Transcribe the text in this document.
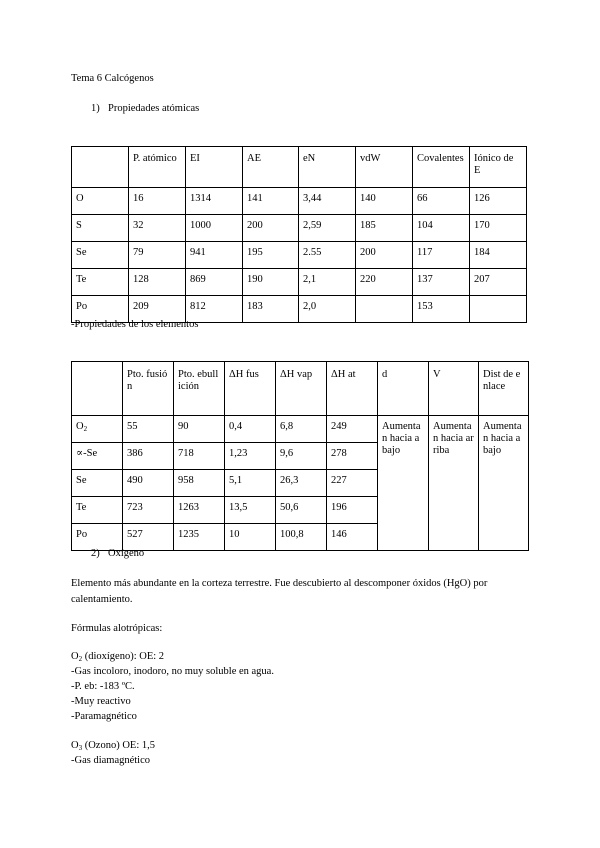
Tema 6 Calcógenos
1) Propiedades atómicas
	P. atómico	EI	AE	eN	vdW	Covalentes	Iónico de E
O	16	1314	141	3,44	140	66	126
S	32	1000	200	2,59	185	104	170
Se	79	941	195	2.55	200	117	184
Te	128	869	190	2,1	220	137	207
Po	209	812	183	2,0		153	
-Propiedades de los elementos
	Pto. fusión	Pto. ebullición	ΔH fus	ΔH vap	ΔH at	d	V	Dist de enlace
$O_2$	55	90	0,4	6,8	249	Aumentan hacia abajo	Aumentan hacia arriba	Aumentan hacia abajo
∝-Se	386	718	1,23	9,6	278			
Se	490	958	5,1	26,3	227			
Te	723	1263	13,5	50,6	196			
Po	527	1235	10	100,8	146			
2) Oxígeno
Elemento más abundante en la corteza terrestre. Fue descubierto al descomponer óxidos (HgO) por calentamiento.
Fórmulas alotrópicas:
$O_2$ (dioxígeno): OE: 2
-Gas incoloro, inodoro, no muy soluble en agua.
-P. eb: -183 ºC.
-Muy reactivo
-Paramagnético
$O_3$ (Ozono) OE: 1,5
-Gas diamagnético
